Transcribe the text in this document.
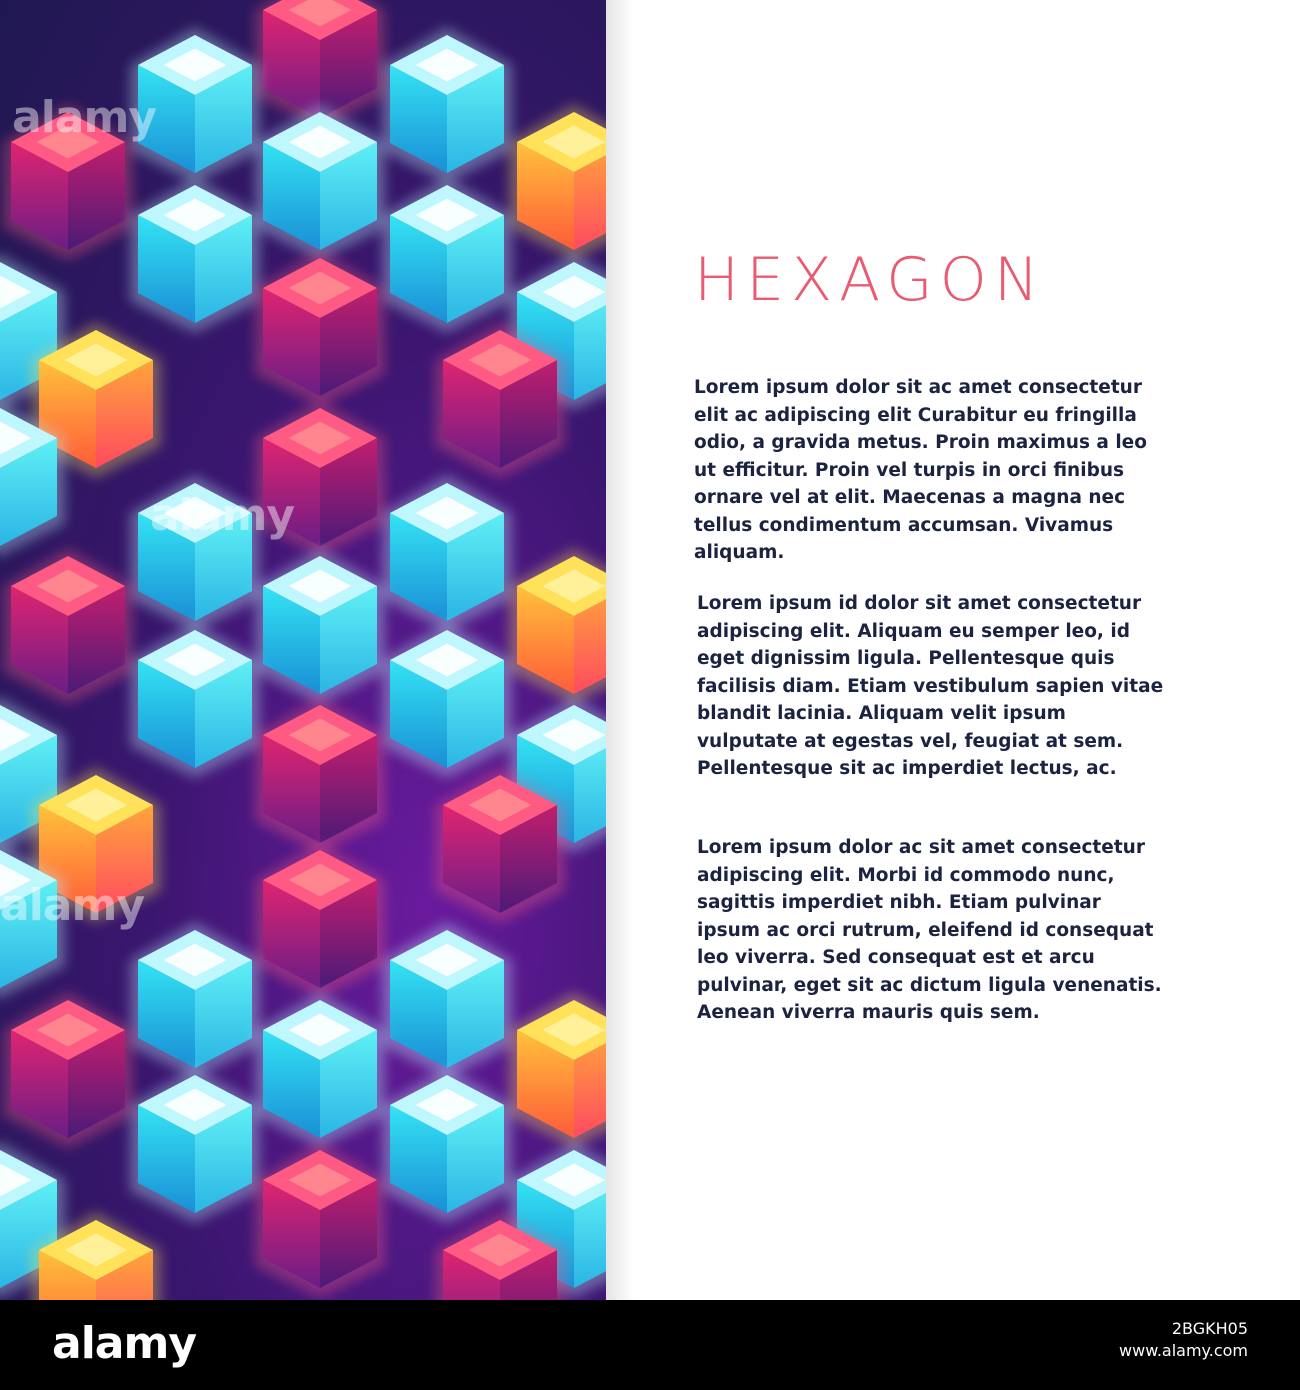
alamy
alamy
alamy
HEXAGON

Lorem ipsum dolor sit ac amet consectetur elit ac adipiscing elit Curabitur eu fringilla odio, a gravida metus. Proin maximus a leo ut efficitur. Proin vel turpis in orci finibus ornare vel at elit. Maecenas a magna nec tellus condimentum accumsan. Vivamus aliquam.

Lorem ipsum id dolor sit amet consectetur adipiscing elit. Aliquam eu semper leo, id eget dignissim ligula. Pellentesque quis facilisis diam. Etiam vestibulum sapien vitae blandit lacinia. Aliquam velit ipsum vulputate at egestas vel, feugiat at sem. Pellentesque sit ac imperdiet lectus, ac.

Lorem ipsum dolor ac sit amet consectetur adipiscing elit. Morbi id commodo nunc, sagittis imperdiet nibh. Etiam pulvinar ipsum ac orci rutrum, eleifend id consequat leo viverra. Sed consequat est et arcu pulvinar, eget sit ac dictum ligula venenatis. Aenean viverra mauris quis sem.

alamy	2BGKH05
www.alamy.com
